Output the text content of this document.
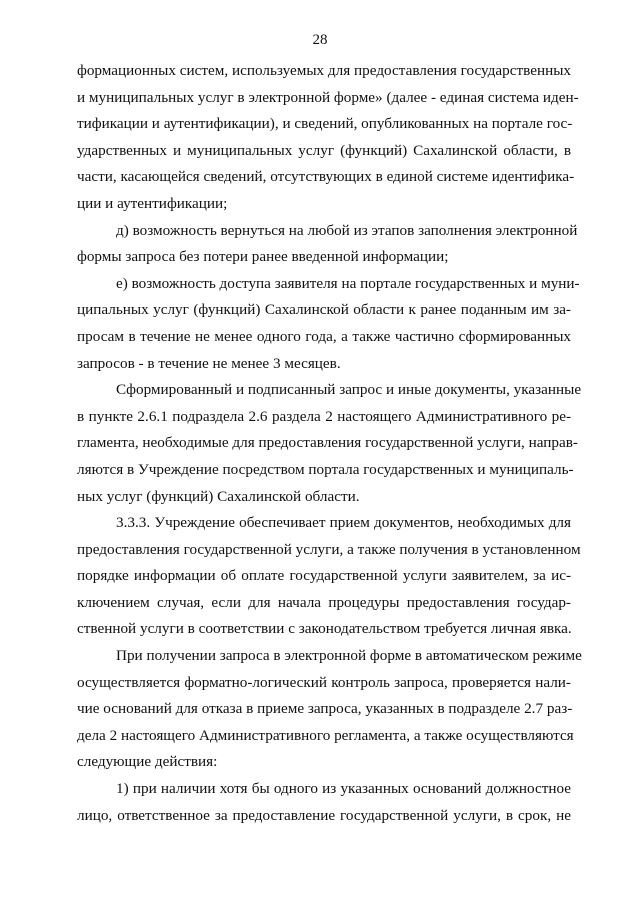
28
формационных систем, используемых для предоставления государственных
и муниципальных услуг в электронной форме» (далее - единая система иден-
тификации и аутентификации), и сведений, опубликованных на портале гос-
ударственных и муниципальных услуг (функций) Сахалинской области, в
части, касающейся сведений, отсутствующих в единой системе идентифика-
ции и аутентификации;
д) возможность вернуться на любой из этапов заполнения электронной
формы запроса без потери ранее введенной информации;
е) возможность доступа заявителя на портале государственных и муни-
ципальных услуг (функций) Сахалинской области к ранее поданным им за-
просам в течение не менее одного года, а также частично сформированных
запросов - в течение не менее 3 месяцев.
Сформированный и подписанный запрос и иные документы, указанные
в пункте 2.6.1 подраздела 2.6 раздела 2 настоящего Административного ре-
гламента, необходимые для предоставления государственной услуги, направ-
ляются в Учреждение посредством портала государственных и муниципаль-
ных услуг (функций) Сахалинской области.
3.3.3. Учреждение обеспечивает прием документов, необходимых для
предоставления государственной услуги, а также получения в установленном
порядке информации об оплате государственной услуги заявителем, за ис-
ключением случая, если для начала процедуры предоставления государ-
ственной услуги в соответствии с законодательством требуется личная явка.
При получении запроса в электронной форме в автоматическом режиме
осуществляется форматно-логический контроль запроса, проверяется нали-
чие оснований для отказа в приеме запроса, указанных в подразделе 2.7 раз-
дела 2 настоящего Административного регламента, а также осуществляются
следующие действия:
1) при наличии хотя бы одного из указанных оснований должностное
лицо, ответственное за предоставление государственной услуги, в срок, не
